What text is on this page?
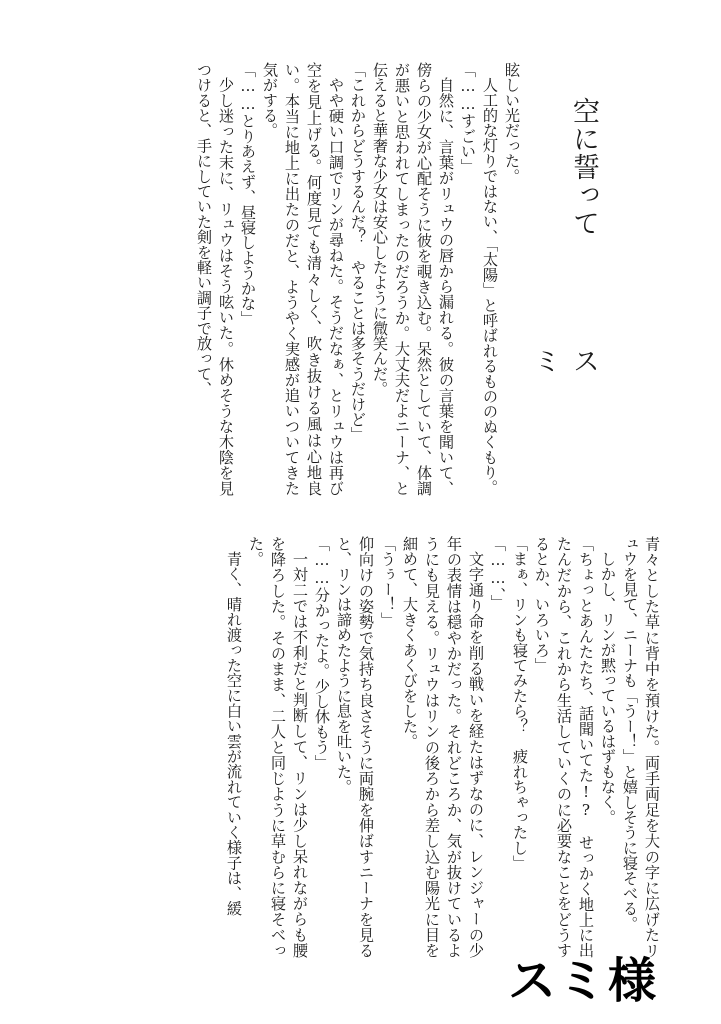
空に誓って
スミ

眩しい光だった。

人工的な灯りではない、「太陽」と呼ばれるもののぬくもり。

「……すごい」

自然に、言葉がリュウの唇から漏れる。彼の言葉を聞いて、傍らの少女が心配そうに彼を覗き込む。呆然としていて、体調が悪いと思われてしまったのだろうか。大丈夫だよニーナ、と伝えると華奢な少女は安心したように微笑んだ。

「これからどうするんだ？　やることは多そうだけど」

やや硬い口調でリンが尋ねた。そうだなぁ、とリュウは再び空を見上げる。何度見ても清々しく、吹き抜ける風は心地良い。本当に地上に出たのだと、ようやく実感が追いついてきた気がする。

「……とりあえず、昼寝しようかな」

少し迷った末に、リュウはそう呟いた。休めそうな木陰を見つけると、手にしていた剣を軽い調子で放って、

青々とした草に背中を預けた。両手両足を大の字に広げたリュウを見て、ニーナも「うー！」と嬉しそうに寝そべる。

しかし、リンが黙っているはずもなく。

「ちょっとあんたたち、話聞いてた!?　せっかく地上に出たんだから、これから生活していくのに必要なことをどうするとか、いろいろ」

「まぁ、リンも寝てみたら？　疲れちゃったし」

「……、」

文字通り命を削る戦いを経たはずなのに、レンジャーの少年の表情は穏やかだった。それどころか、気が抜けているようにも見える。リュウはリンの後ろから差し込む陽光に目を細めて、大きくあくびをした。

「うぅー！」

仰向けの姿勢で気持ち良さそうに両腕を伸ばすニーナを見ると、リンは諦めたように息を吐いた。

「……分かったよ。少し休もう」

一対二では不利だと判断して、リンは少し呆れながらも腰を降ろした。そのまま、二人と同じように草むらに寝そべった。

青く、晴れ渡った空に白い雲が流れていく様子は、緩

スミ様
